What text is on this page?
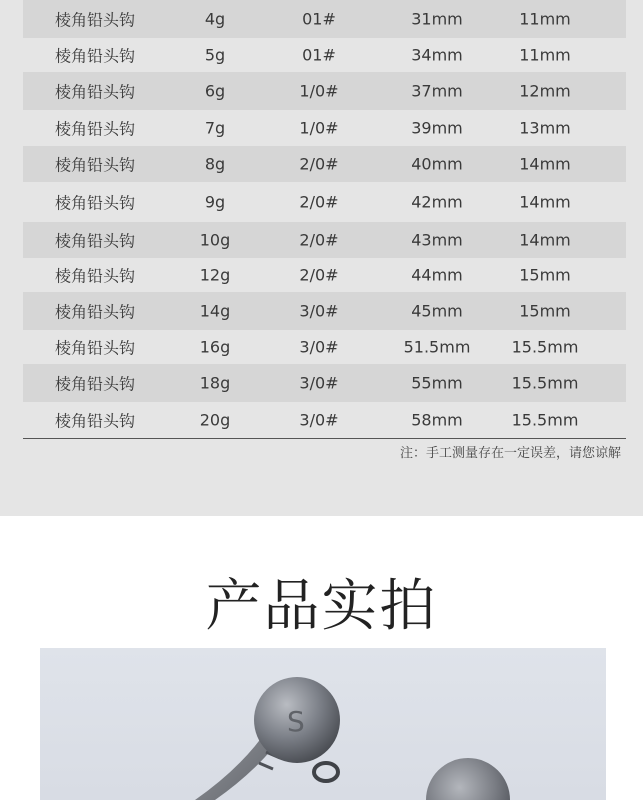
棱角铅头钩	4g	01#	31mm	11mm
棱角铅头钩	5g	01#	34mm	11mm
棱角铅头钩	6g	1/0#	37mm	12mm
棱角铅头钩	7g	1/0#	39mm	13mm
棱角铅头钩	8g	2/0#	40mm	14mm
棱角铅头钩	9g	2/0#	42mm	14mm
棱角铅头钩	10g	2/0#	43mm	14mm
棱角铅头钩	12g	2/0#	44mm	15mm
棱角铅头钩	14g	3/0#	45mm	15mm
棱角铅头钩	16g	3/0#	51.5mm	15.5mm
棱角铅头钩	18g	3/0#	55mm	15.5mm
棱角铅头钩	20g	3/0#	58mm	15.5mm
注：手工测量存在一定误差，请您谅解
产品实拍
S
